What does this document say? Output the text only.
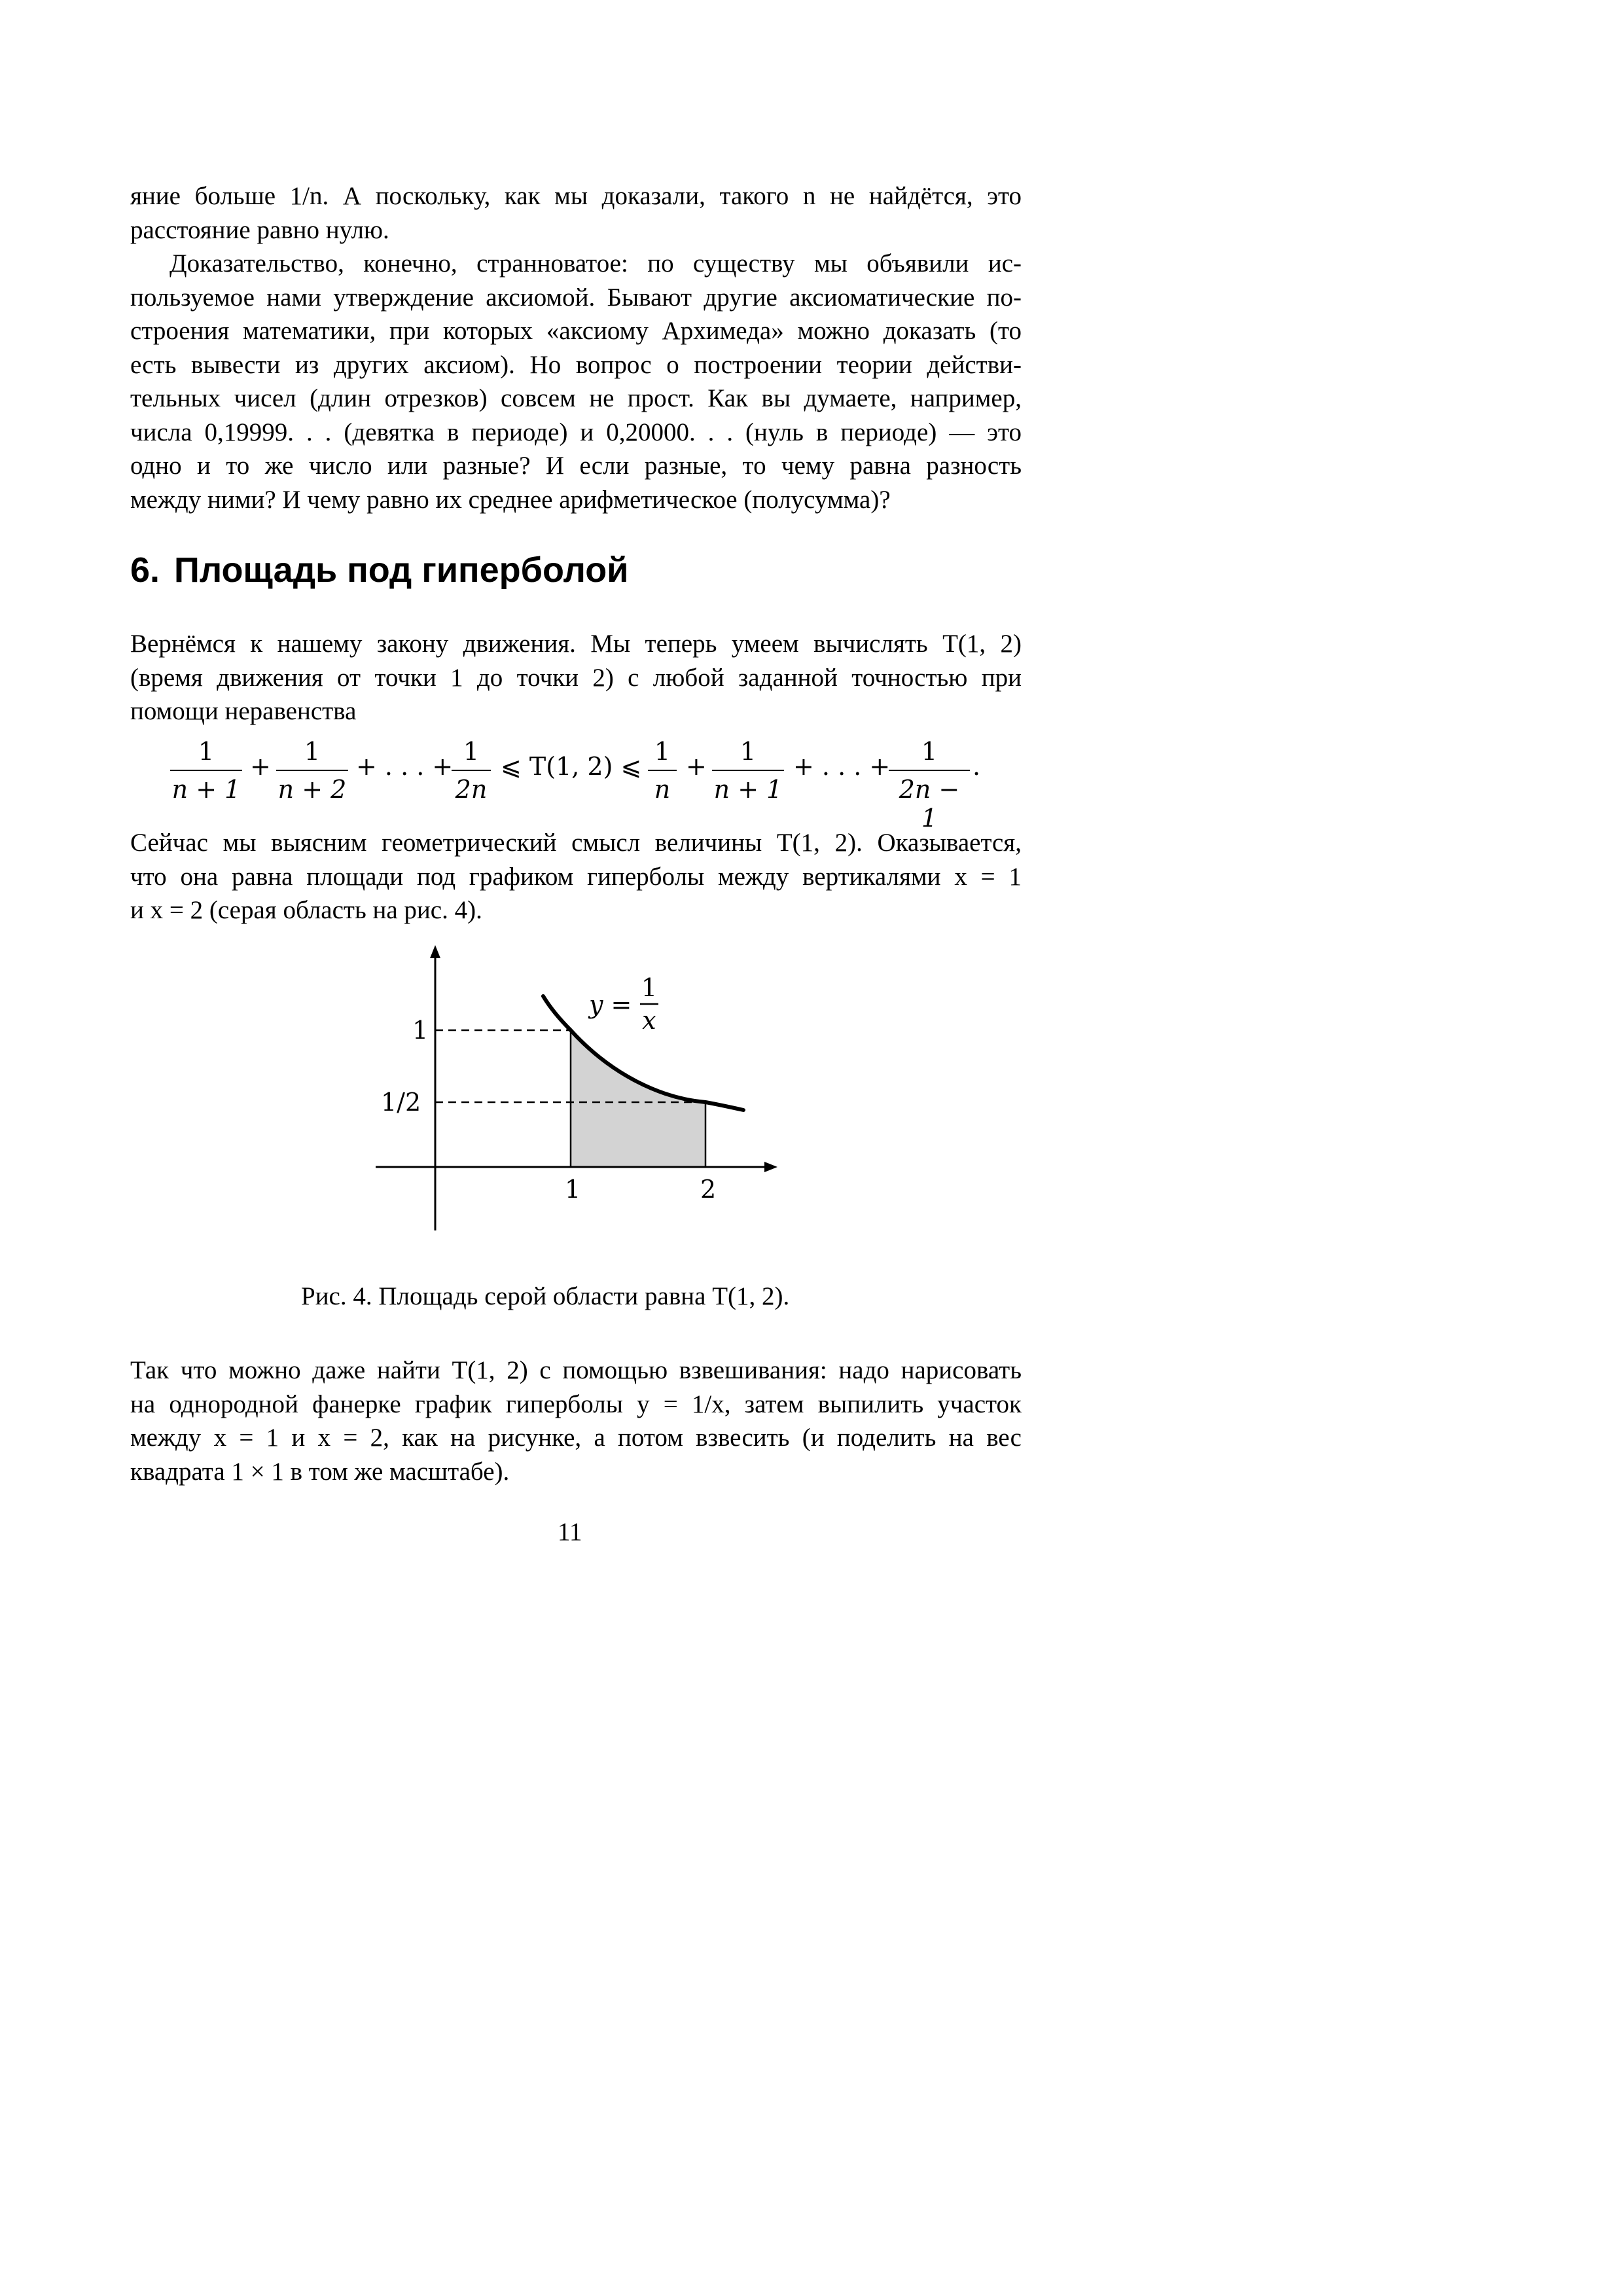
яние больше 1/n. А поскольку, как мы доказали, такого n не найдётся, это
расстояние равно нулю.

Доказательство, конечно, странноватое: по существу мы объявили ис-
пользуемое нами утверждение аксиомой. Бывают другие аксиоматические по-
строения математики, при которых «аксиому Архимеда» можно доказать (то
есть вывести из других аксиом). Но вопрос о построении теории действи-
тельных чисел (длин отрезков) совсем не прост. Как вы думаете, например,
числа 0,19999. . . (девятка в периоде) и 0,20000. . . (нуль в периоде) — это
одно и то же число или разные? И если разные, то чему равна разность
между ними? И чему равно их среднее арифметическое (полусумма)?

6. Площадь под гиперболой

Вернёмся к нашему закону движения. Мы теперь умеем вычислять T(1, 2)
(время движения от точки 1 до точки 2) с любой заданной точностью при
помощи неравенства

1
n + 1
+
1
n + 2
+ . . . +
1
2n
⩽ T(1, 2) ⩽
1
n
+
1
n + 1
+ . . . +
1
2n − 1
.

Сейчас мы выясним геометрический смысл величины T(1, 2). Оказывается,
что она равна площади под графиком гиперболы между вертикалями x = 1
и x = 2 (серая область на рис. 4).

y =
1
x
1
1/2
1	2

Рис. 4. Площадь серой области равна T(1, 2).

Так что можно даже найти T(1, 2) с помощью взвешивания: надо нарисовать
на однородной фанерке график гиперболы y = 1/x, затем выпилить участок
между x = 1 и x = 2, как на рисунке, а потом взвесить (и поделить на вес
квадрата 1 × 1 в том же масштабе).

11
